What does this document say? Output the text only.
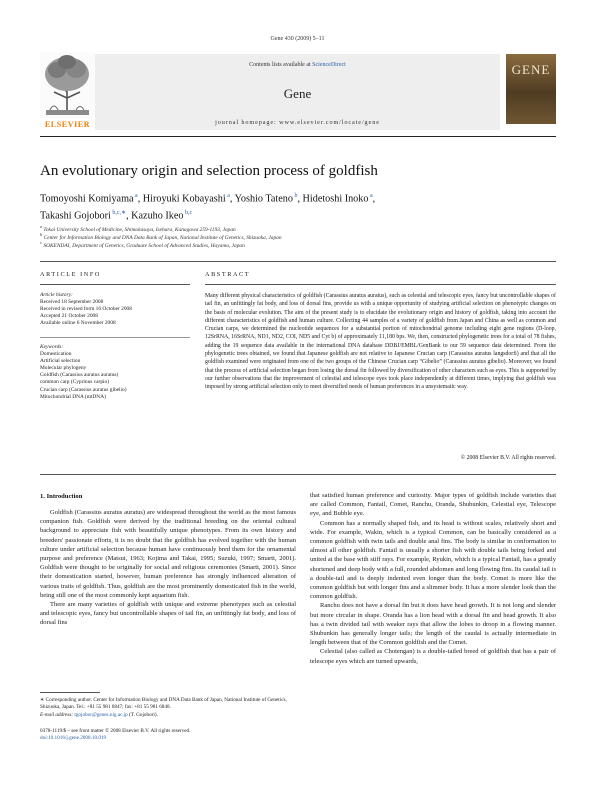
Gene 430 (2009) 5–11
ELSEVIER
Contents lists available at ScienceDirect
Gene
journal homepage: www.elsevier.com/locate/gene
GENE
An evolutionary origin and selection process of goldfish
Tomoyoshi Komiyama $^a$, Hiroyuki Kobayashi $^a$, Yoshio Tateno $^b$, Hidetoshi Inoko $^a$,
Takashi Gojobori $^{b,c,∗}$, Kazuho Ikeo $^{b,c}$
$^a$ Tokai University School of Medicine, Shimokasuya, Isehara, Kanagawa 259-1193, Japan
$^b$ Center for Information Biology and DNA Data Bank of Japan, National Institute of Genetics, Shizuoka, Japan
$^c$ SOKENDAI, Department of Genetics, Graduate School of Advanced Studies, Hayama, Japan
ARTICLE INFO	ABSTRACT
Article history:
Received 18 September 2008
Received in revised form 16 October 2008
Accepted 21 October 2008
Available online 6 November 2008
Keywords:
Domestication
Artificial selection
Molecular phylogeny
Goldfish (Carassius auratus auratus)
common carp (Cyprinus carpio)
Crucian carp (Carassius auratus gibelio)
Mitochondrial DNA (mtDNA)
Many different physical characteristics of goldfish (Carassius auratus auratus), such as celestial and telescopic eyes, fancy but uncontrollable shapes of tail fin, an unfittingly fat body, and loss of dorsal fins, provide us with a unique opportunity of studying artificial selection on phenotypic changes on the basis of molecular evolution. The aim of the present study is to elucidate the evolutionary origin and history of goldfish, taking into account the different characteristics of goldfish and human culture. Collecting 44 samples of a variety of goldfish from Japan and China as well as common and Crucian carps, we determined the nucleotide sequences for a substantial portion of mitochondrial genome including eight gene regions (D-loop, 12SrRNA, 16SrRNA, ND1, ND2, COI, ND5 and Cyt b) of approximately 11,180 bps. We, then, constructed phylogenetic trees for a total of 78 fishes, adding the 19 sequence data available in the international DNA database DDBJ/EMBL/GenBank to our 59 sequence data determined. From the phylogenetic trees obtained, we found that Japanese goldfish are not relative to Japanese Crucian carp (Carassius auratus langsdorfi) and that all the goldfish examined were originated from one of the two groups of the Chinese Crucian carp “Gibelio” (Carassius auratus gibelio). Moreover, we found that the process of artificial selection began from losing the dorsal fin followed by diversification of other characters such as eyes. This is supported by our further observations that the improvement of celestial and telescope eyes took place independently at different times, implying that goldfish was imposed by strong artificial selection only to meet diversified needs of human preferences in a unsystematic way.
© 2008 Elsevier B.V. All rights reserved.
1. Introduction

Goldfish (Carassius auratus auratus) are widespread throughout the world as the most famous companion fish. Goldfish were derived by the traditional breeding on the oriental cultural background to appreciate fish with beautifully unique phenotypes. From its own history and breeders' passionate efforts, it is no doubt that the goldfish has evolved together with the human culture under artificial selection because human have continuously bred them for the ornamental purpose and preference (Matsui, 1963; Kojima and Takai, 1995; Suzuki, 1997; Smartt, 2001). Goldfish were thought to be originally for social and religious ceremonies (Smartt, 2001). Since their domestication started, however, human preference has strongly influenced alteration of various traits of goldfish. Thus, goldfish are the most prominently domesticated fish in the world, being still one of the most commonly kept aquarium fish.

There are many varieties of goldfish with unique and extreme phenotypes such as celestial and telescopic eyes, fancy but uncontrollable shapes of tail fin, an unfittingly fat body, and loss of dorsal fins

that satisfied human preference and curiosity. Major types of goldfish include varieties that are called Common, Fantail, Comet, Ranchu, Oranda, Shubunkin, Celestial eye, Telescope eye, and Bubble eye.

Common has a normally shaped fish, and its head is without scales, relatively short and wide. For example, Wakin, which is a typical Common, can be basically considered as a common goldfish with twin tails and double anal fins. The body is similar in conformation to almost all other goldfish. Fantail is usually a shorter fish with double tails being forked and united at the base with stiff rays. For example, Ryukin, which is a typical Fantail, has a greatly shortened and deep body with a full, rounded abdomen and long flowing fins. Its caudal tail is a double-tail and is deeply indented even longer than the body. Comet is more like the common goldfish but with longer fins and a slimmer body. It has a more slender look than the common goldfish.

Ranchu does not have a dorsal fin but it does have head growth. It is not long and slender but more circular in shape. Oranda has a lion head with a dorsal fin and head growth. It also has a twin divided tail with weaker rays that allow the lobes to droop in a flowing manner. Shubunkin has generally longer tails; the length of the caudal is actually intermediate in length between that of the Common goldfish and the Comet.

Celestial (also called as Chotengan) is a double-tailed breed of goldfish that has a pair of telescope eyes which are turned upwards,

∗ Corresponding author. Center for Information Biology and DNA Data Bank of Japan, National Institute of Genetics, Shizuoka, Japan. Tel.: +81 55 981 6847; fax: +81 55 981 6848.
E-mail address: tgojobor@genes.nig.ac.jp (T. Gojobori).
0378-1119/$ – see front matter © 2008 Elsevier B.V. All rights reserved.
doi:10.1016/j.gene.2008.10.019
